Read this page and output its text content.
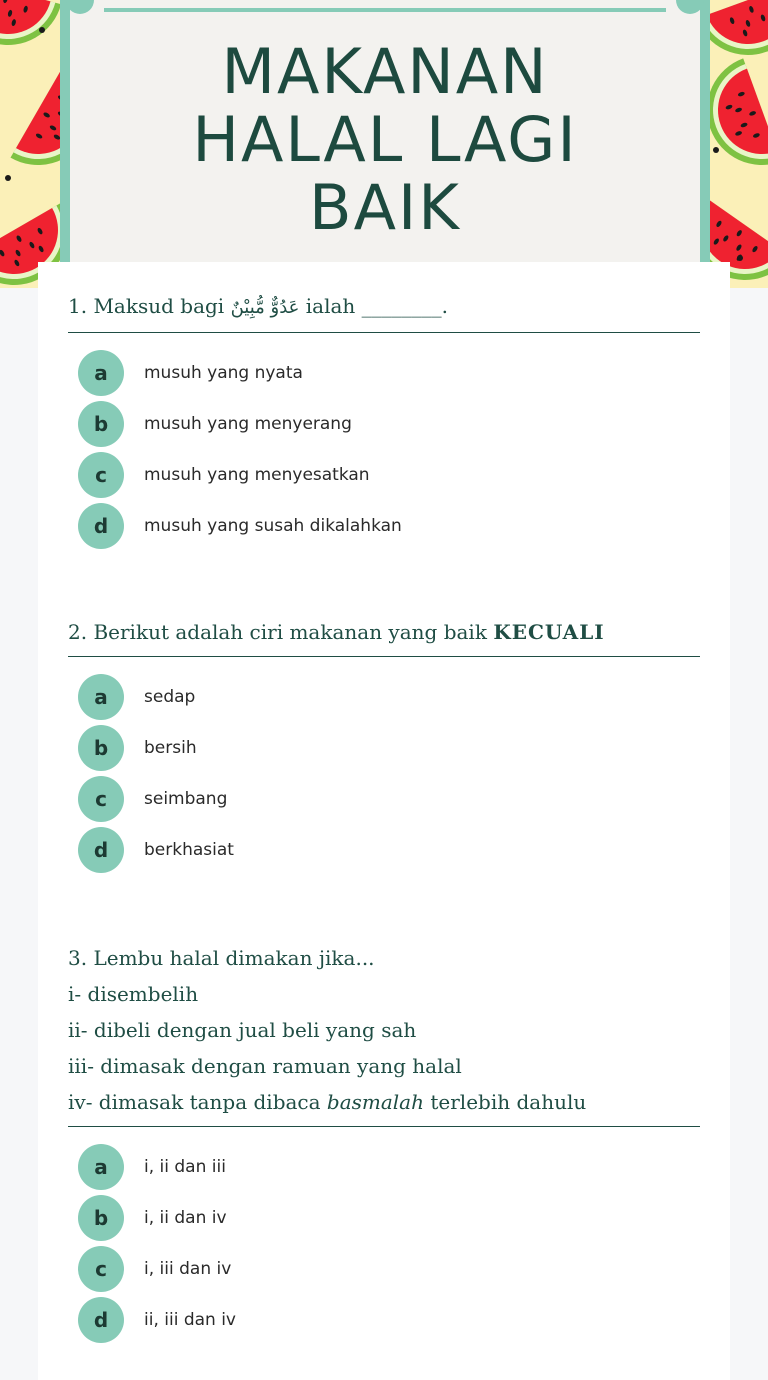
MAKANAN
HALAL LAGI
BAIK
1. Maksud bagi عَدُوٌّ مُّبِيْنٌ ialah ________.
a	musuh yang nyata
b	musuh yang menyerang
c	musuh yang menyesatkan
d	musuh yang susah dikalahkan
2. Berikut adalah ciri makanan yang baik KECUALI
a	sedap
b	bersih
c	seimbang
d	berkhasiat
3. Lembu halal dimakan jika...
i- disembelih
ii- dibeli dengan jual beli yang sah
iii- dimasak dengan ramuan yang halal
iv- dimasak tanpa dibaca basmalah terlebih dahulu
a	i, ii dan iii
b	i, ii dan iv
c	i, iii dan iv
d	ii, iii dan iv
